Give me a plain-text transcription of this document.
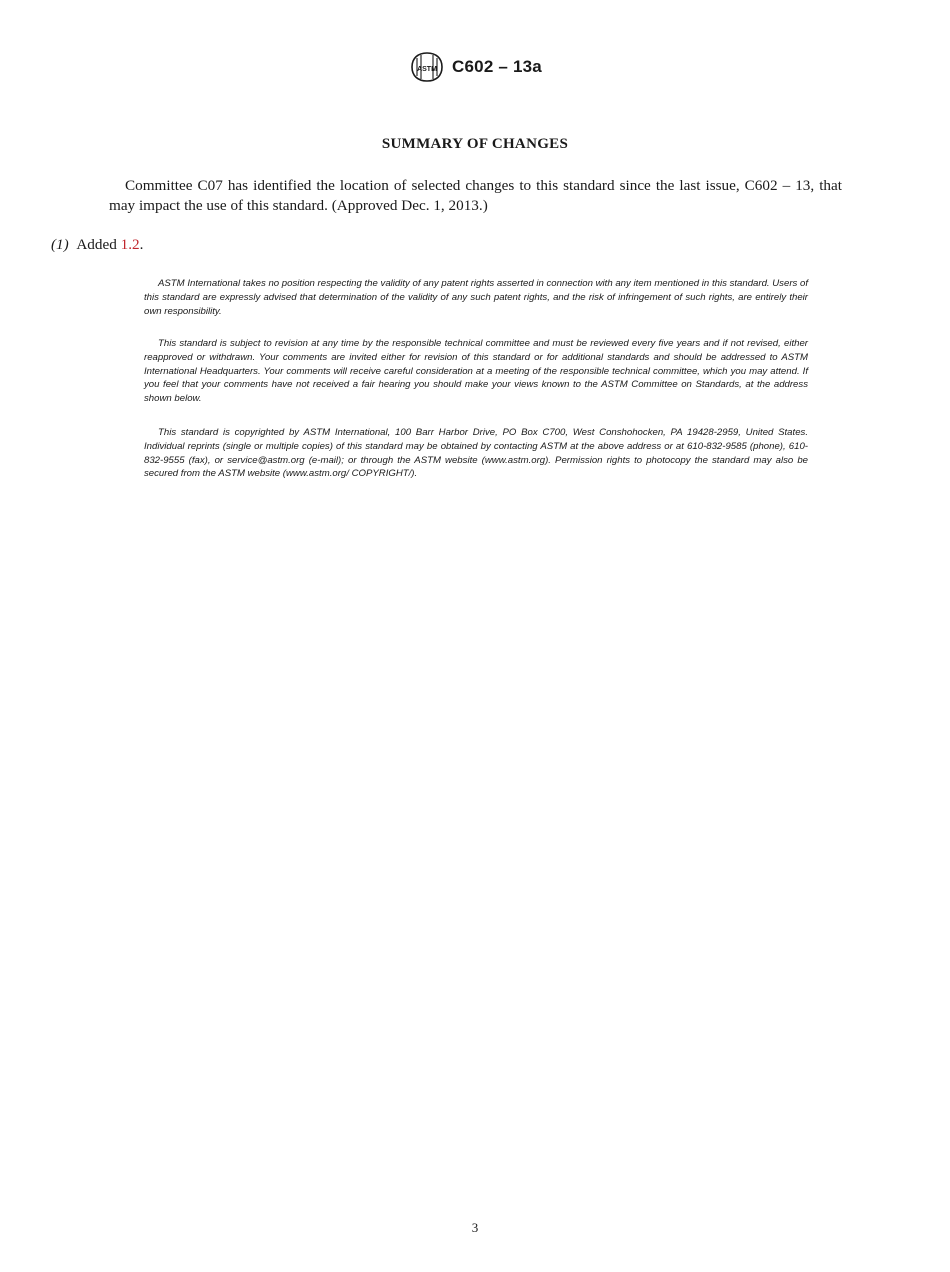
ASTM C602 – 13a
SUMMARY OF CHANGES

Committee C07 has identified the location of selected changes to this standard since the last issue, C602 – 13, that may impact the use of this standard. (Approved Dec. 1, 2013.)

(1) Added 1.2.

ASTM International takes no position respecting the validity of any patent rights asserted in connection with any item mentioned in this standard. Users of this standard are expressly advised that determination of the validity of any such patent rights, and the risk of infringement of such rights, are entirely their own responsibility.

This standard is subject to revision at any time by the responsible technical committee and must be reviewed every five years and if not revised, either reapproved or withdrawn. Your comments are invited either for revision of this standard or for additional standards and should be addressed to ASTM International Headquarters. Your comments will receive careful consideration at a meeting of the responsible technical committee, which you may attend. If you feel that your comments have not received a fair hearing you should make your views known to the ASTM Committee on Standards, at the address shown below.

This standard is copyrighted by ASTM International, 100 Barr Harbor Drive, PO Box C700, West Conshohocken, PA 19428-2959, United States. Individual reprints (single or multiple copies) of this standard may be obtained by contacting ASTM at the above address or at 610-832-9585 (phone), 610-832-9555 (fax), or service@astm.org (e-mail); or through the ASTM website (www.astm.org). Permission rights to photocopy the standard may also be secured from the ASTM website (www.astm.org/ COPYRIGHT/).

3
